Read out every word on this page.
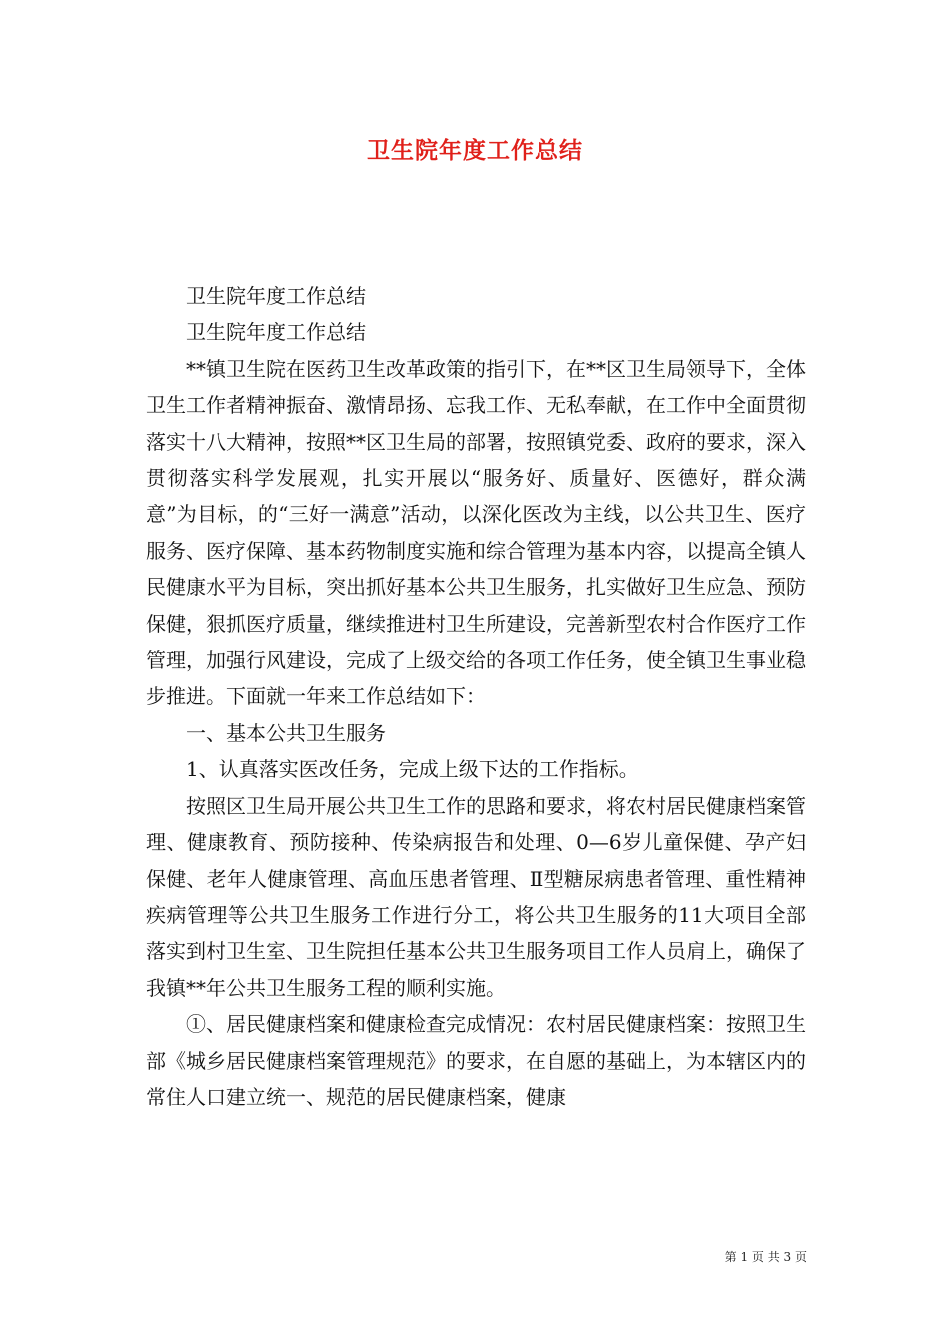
卫生院年度工作总结

卫生院年度工作总结

卫生院年度工作总结

**镇卫生院在医药卫生改革政策的指引下，在**区卫生局领导下，全体卫生工作者精神振奋、激情昂扬、忘我工作、无私奉献，在工作中全面贯彻落实十八大精神，按照**区卫生局的部署，按照镇党委、政府的要求，深入贯彻落实科学发展观，扎实开展以“服务好、质量好、医德好，群众满意”为目标，的“三好一满意”活动，以深化医改为主线，以公共卫生、医疗服务、医疗保障、基本药物制度实施和综合管理为基本内容，以提高全镇人民健康水平为目标，突出抓好基本公共卫生服务，扎实做好卫生应急、预防保健，狠抓医疗质量，继续推进村卫生所建设，完善新型农村合作医疗工作管理，加强行风建设，完成了上级交给的各项工作任务，使全镇卫生事业稳步推进。下面就一年来工作总结如下：

一、基本公共卫生服务

1、认真落实医改任务，完成上级下达的工作指标。

按照区卫生局开展公共卫生工作的思路和要求，将农村居民健康档案管理、健康教育、预防接种、传染病报告和处理、0—6岁儿童保健、孕产妇保健、老年人健康管理、高血压患者管理、Ⅱ型糖尿病患者管理、重性精神疾病管理等公共卫生服务工作进行分工，将公共卫生服务的11大项目全部落实到村卫生室、卫生院担任基本公共卫生服务项目工作人员肩上，确保了我镇**年公共卫生服务工程的顺利实施。

①、居民健康档案和健康检查完成情况：农村居民健康档案：按照卫生部《城乡居民健康档案管理规范》的要求，在自愿的基础上，为本辖区内的常住人口建立统一、规范的居民健康档案，健康

第 1 页 共 3 页
